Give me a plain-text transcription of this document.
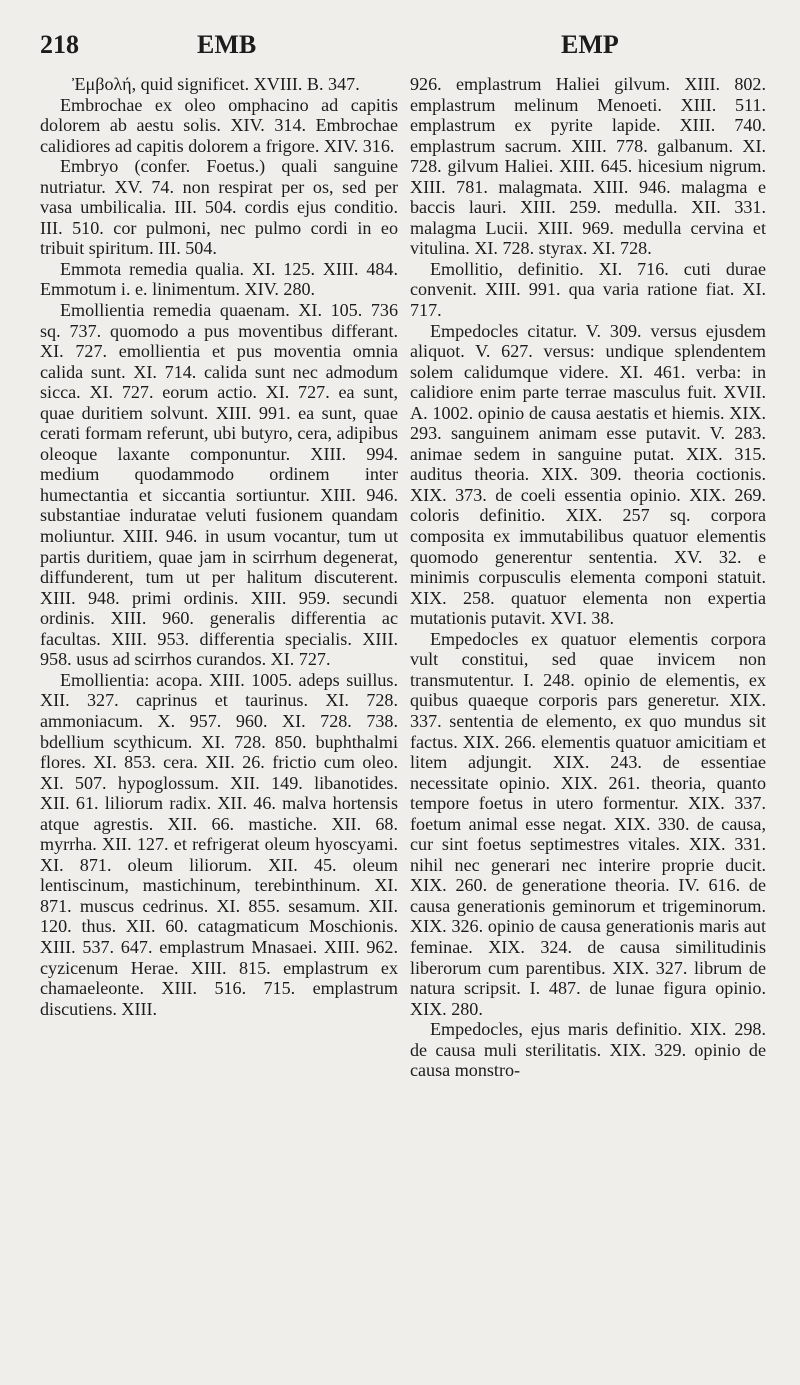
218	EMB	EMP

Ἐμβολή, quid significet. XVIII. B. 347.

Embrochae ex oleo omphacino ad capitis dolorem ab aestu solis. XIV. 314. Embrochae calidiores ad capitis dolorem a frigore. XIV. 316.

Embryo (confer. Foetus.) quali sanguine nutriatur. XV. 74. non respirat per os, sed per vasa umbilicalia. III. 504. cordis ejus conditio. III. 510. cor pulmoni, nec pulmo cordi in eo tribuit spiritum. III. 504.

Emmota remedia qualia. XI. 125. XIII. 484. Emmotum i. e. linimentum. XIV. 280.

Emollientia remedia quaenam. XI. 105. 736 sq. 737. quomodo a pus moventibus differant. XI. 727. emollientia et pus moventia omnia calida sunt. XI. 714. calida sunt nec admodum sicca. XI. 727. eorum actio. XI. 727. ea sunt, quae duritiem solvunt. XIII. 991. ea sunt, quae cerati formam referunt, ubi butyro, cera, adipibus oleoque laxante componuntur. XIII. 994. medium quodammodo ordinem inter humectantia et siccantia sortiuntur. XIII. 946. substantiae induratae veluti fusionem quandam moliuntur. XIII. 946. in usum vocantur, tum ut partis duritiem, quae jam in scirrhum degenerat, diffunderent, tum ut per halitum discuterent. XIII. 948. primi ordinis. XIII. 959. secundi ordinis. XIII. 960. generalis differentia ac facultas. XIII. 953. differentia specialis. XIII. 958. usus ad scirrhos curandos. XI. 727.

Emollientia: acopa. XIII. 1005. adeps suillus. XII. 327. caprinus et taurinus. XI. 728. ammoniacum. X. 957. 960. XI. 728. 738. bdellium scythicum. XI. 728. 850. buphthalmi flores. XI. 853. cera. XII. 26. frictio cum oleo. XI. 507. hypoglossum. XII. 149. libanotides. XII. 61. liliorum radix. XII. 46. malva hortensis atque agrestis. XII. 66. mastiche. XII. 68. myrrha. XII. 127. et refrigerat oleum hyoscyami. XI. 871. oleum liliorum. XII. 45. oleum lentiscinum, mastichinum, terebinthinum. XI. 871. muscus cedrinus. XI. 855. sesamum. XII. 120. thus. XII. 60. catagmaticum Moschionis. XIII. 537. 647. emplastrum Mnasaei. XIII. 962. cyzicenum Herae. XIII. 815. emplastrum ex chamaeleonte. XIII. 516. 715. emplastrum discutiens. XIII.

926. emplastrum Haliei gilvum. XIII. 802. emplastrum melinum Menoeti. XIII. 511. emplastrum ex pyrite lapide. XIII. 740. emplastrum sacrum. XIII. 778. galbanum. XI. 728. gilvum Haliei. XIII. 645. hicesium nigrum. XIII. 781. malagmata. XIII. 946. malagma e baccis lauri. XIII. 259. medulla. XII. 331. malagma Lucii. XIII. 969. medulla cervina et vitulina. XI. 728. styrax. XI. 728.

Emollitio, definitio. XI. 716. cuti durae convenit. XIII. 991. qua varia ratione fiat. XI. 717.

Empedocles citatur. V. 309. versus ejusdem aliquot. V. 627. versus: undique splendentem solem calidumque videre. XI. 461. verba: in calidiore enim parte terrae masculus fuit. XVII. A. 1002. opinio de causa aestatis et hiemis. XIX. 293. sanguinem animam esse putavit. V. 283. animae sedem in sanguine putat. XIX. 315. auditus theoria. XIX. 309. theoria coctionis. XIX. 373. de coeli essentia opinio. XIX. 269. coloris definitio. XIX. 257 sq. corpora composita ex immutabilibus quatuor elementis quomodo generentur sententia. XV. 32. e minimis corpusculis elementa componi statuit. XIX. 258. quatuor elementa non expertia mutationis putavit. XVI. 38.

Empedocles ex quatuor elementis corpora vult constitui, sed quae invicem non transmutentur. I. 248. opinio de elementis, ex quibus quaeque corporis pars generetur. XIX. 337. sententia de elemento, ex quo mundus sit factus. XIX. 266. elementis quatuor amicitiam et litem adjungit. XIX. 243. de essentiae necessitate opinio. XIX. 261. theoria, quanto tempore foetus in utero formentur. XIX. 337. foetum animal esse negat. XIX. 330. de causa, cur sint foetus septimestres vitales. XIX. 331. nihil nec generari nec interire proprie ducit. XIX. 260. de generatione theoria. IV. 616. de causa generationis geminorum et trigeminorum. XIX. 326. opinio de causa generationis maris aut feminae. XIX. 324. de causa similitudinis liberorum cum parentibus. XIX. 327. librum de natura scripsit. I. 487. de lunae figura opinio. XIX. 280.

Empedocles, ejus maris definitio. XIX. 298. de causa muli sterilitatis. XIX. 329. opinio de causa monstro-
